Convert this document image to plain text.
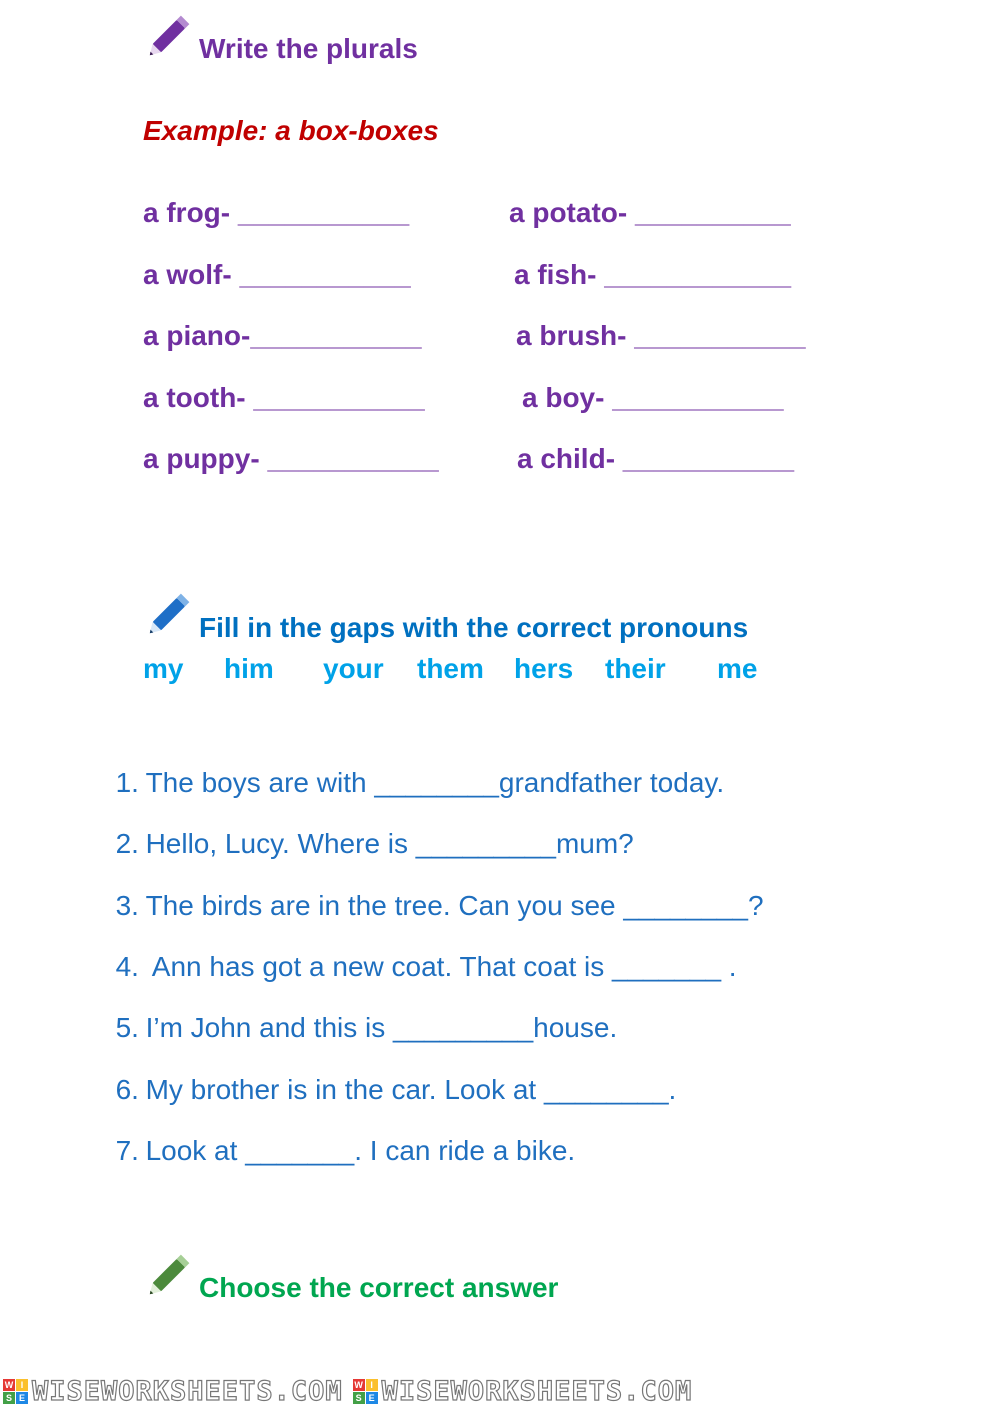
Write the plurals
Example: a box-boxes
a frog- ___________
a wolf- ___________
a piano-___________
a tooth- ___________
a puppy- ___________
a potato- __________
a fish- ____________
a brush- ___________
a boy- ___________
a child- ___________
Fill in the gaps with the correct pronouns
my him your them hers their me

1. The boys are with ________grandfather today.

2. Hello, Lucy. Where is _________mum?

3. The birds are in the tree. Can you see ________?

4. Ann has got a new coat. That coat is _______ .

5. I’m John and this is _________house.

6. My brother is in the car. Look at ________.

7. Look at _______. I can ride a bike.

Choose the correct answer
W I
S E WISEWORKSHEETS.COM W I
S E WISEWORKSHEETS.COM
